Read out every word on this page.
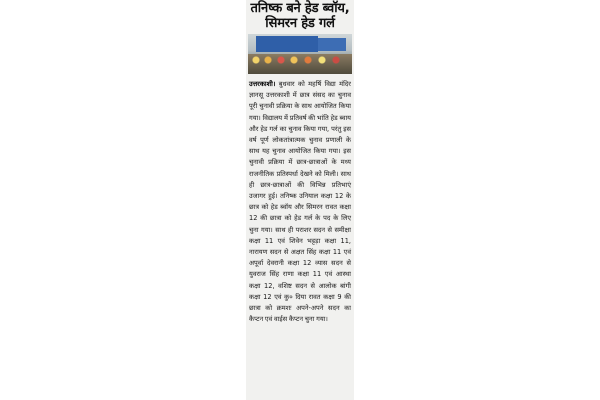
तनिष्क बने हेड ब्वॉय, सिमरन हेड गर्ल

उत्तरकाशी। बुधवार को महर्षि विद्या मंदिर ज्ञानसू उत्तरकाशी में छात्र संसद का चुनाव पूरी चुनावी प्रक्रिया के साथ आयोजित किया गया। विद्यालय में प्रतिवर्ष की भांति हेड ब्वाय और हेड गर्ल का चुनाव किया गया, परंतु इस वर्ष पूर्ण लोकतांत्रात्मक चुनाव प्रणाली के साथ यह चुनाव आयोजित किया गया। इस चुनावी प्रक्रिया में छात्र-छात्राओं के मध्य राजनीतिक प्रतिस्पर्धा देखने को मिली। साथ ही छात्र-छात्राओं की विभिन्न प्रतिभाएं उजागर हुई। तनिष्क उनियाल कक्षा 12 के छात्र को हेड ब्वॉय और सिमरन रावत कक्षा 12 की छात्रा को हेड गर्ल के पद के लिए चुना गया। साथ ही पराशर सदन से समीक्षा कक्षा 11 एवं शिवेन भट्टड़ा कक्षा 11, नारायण सदन से अक्षत सिंह कक्षा 11 एवं अपूर्वा देवरानी कक्षा 12 व्यास सदन से युवराज सिंह राणा कक्षा 11 एवं आस्था कक्षा 12, वशिष्ट सदन से आलोक बांगी कक्षा 12 एवं कु० दिया रावत कक्षा 9 की छात्रा को क्रमशः अपने-अपने सदन का कैप्टन एवं वाईस कैप्टन चुना गया।
